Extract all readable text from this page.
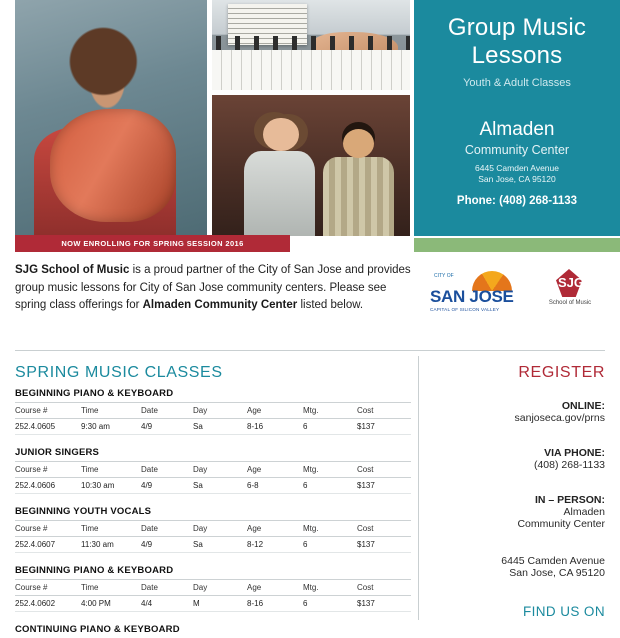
NOW ENROLLING FOR SPRING SESSION 2016
Group Music Lessons
Youth & Adult Classes
Almaden
Community Center
6445 Camden Avenue
San Jose, CA 95120
Phone: (408) 268-1133
SJG School of Music is a proud partner of the City of San Jose and provides group music lessons for City of San Jose community centers. Please see spring class offerings for Almaden Community Center listed below.
CITY OF
SAN JOSE
CAPITAL OF SILICON VALLEY
SJG
School of Music
SPRING MUSIC CLASSES
BEGINNING PIANO & KEYBOARD
Course #	Time	Date	Day	Age	Mtg.	Cost
252.4.0605	9:30 am	4/9	Sa	8-16	6	$137
JUNIOR SINGERS
Course #	Time	Date	Day	Age	Mtg.	Cost
252.4.0606	10:30 am	4/9	Sa	6-8	6	$137
BEGINNING YOUTH VOCALS
Course #	Time	Date	Day	Age	Mtg.	Cost
252.4.0607	11:30 am	4/9	Sa	8-12	6	$137
BEGINNING PIANO & KEYBOARD
Course #	Time	Date	Day	Age	Mtg.	Cost
252.4.0602	4:00 PM	4/4	M	8-16	6	$137
CONTINUING PIANO & KEYBOARD
REGISTER
ONLINE:
sanjoseca.gov/prns
VIA PHONE:
(408) 268-1133
IN – PERSON:
Almaden
Community Center
6445 Camden Avenue
San Jose, CA 95120
FIND US ON
